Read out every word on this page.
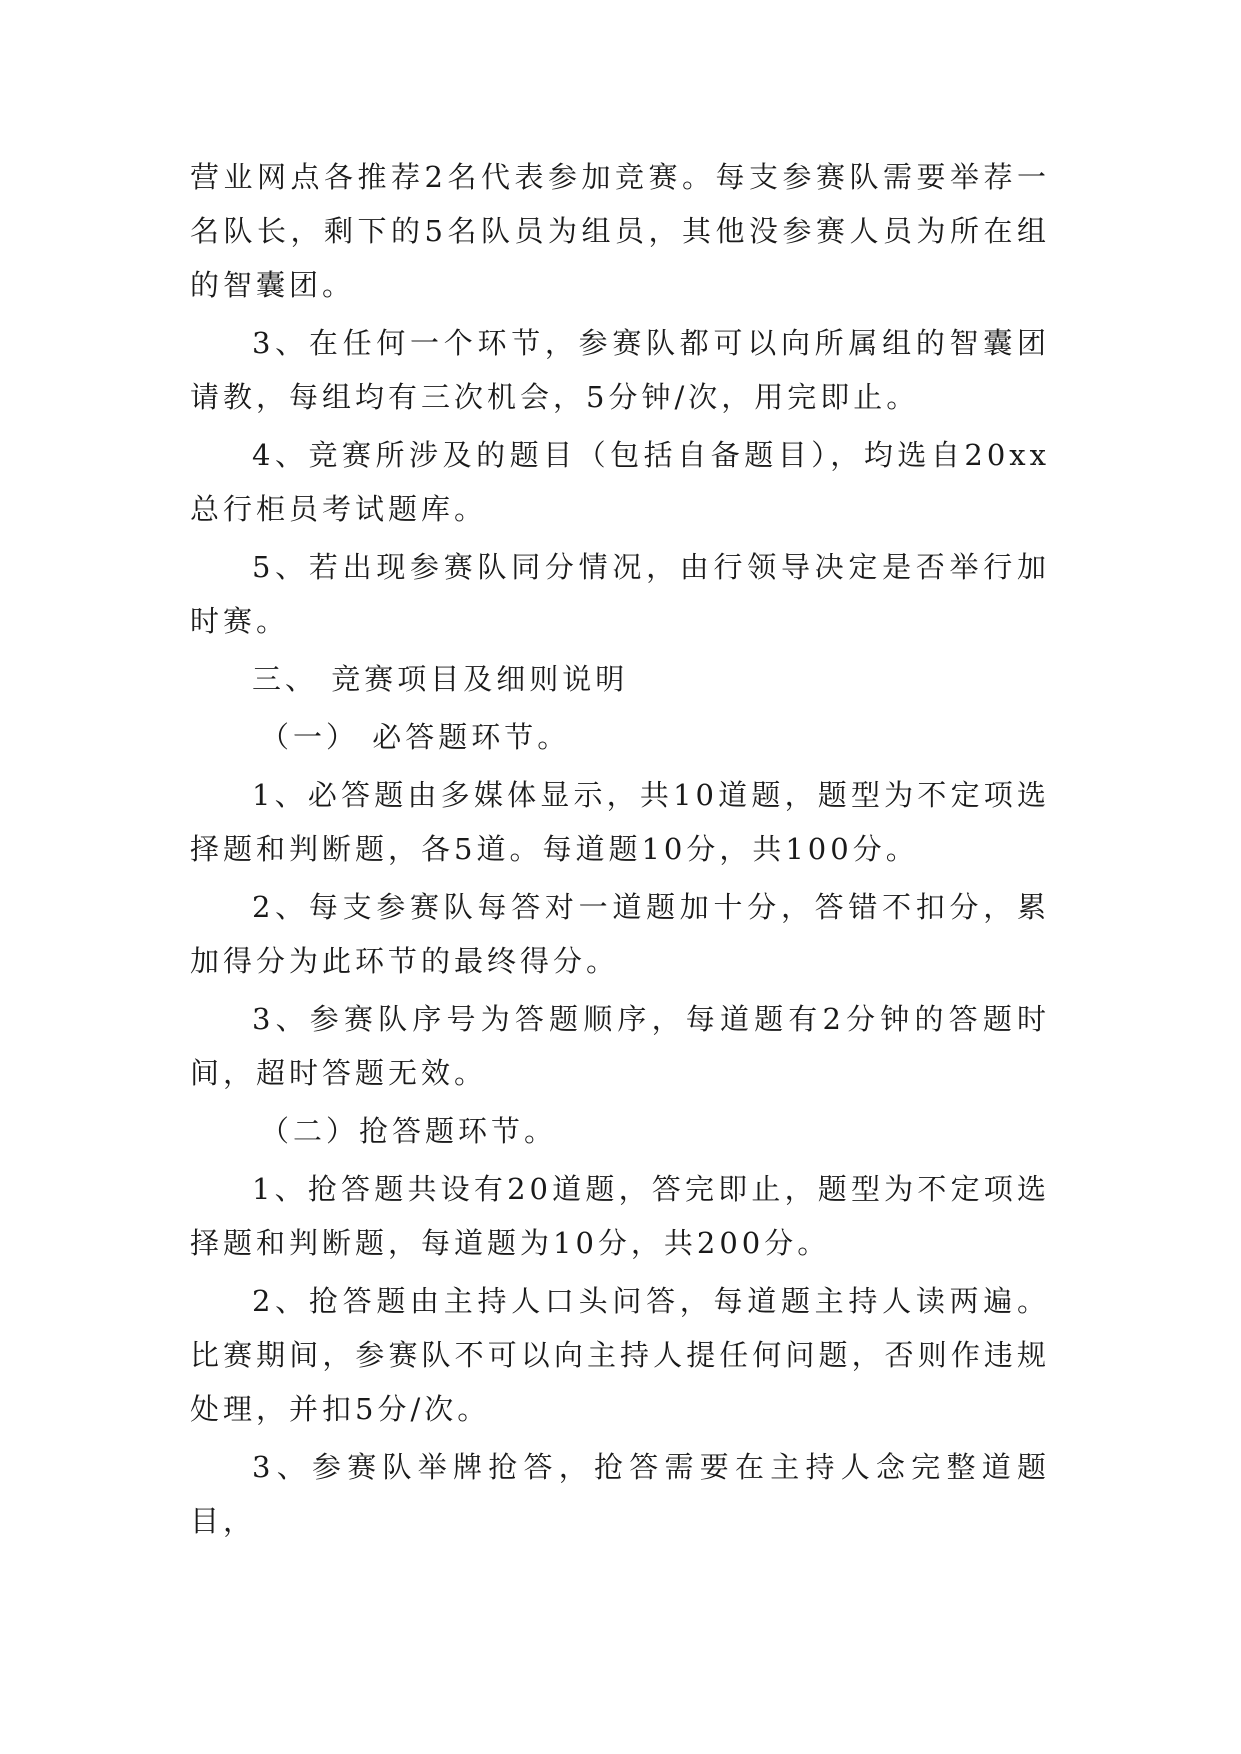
营业网点各推荐2名代表参加竞赛。每支参赛队需要举荐一名队长，剩下的5名队员为组员，其他没参赛人员为所在组的智囊团。

3、在任何一个环节，参赛队都可以向所属组的智囊团请教，每组均有三次机会，5分钟/次，用完即止。

4、竞赛所涉及的题目（包括自备题目），均选自20xx总行柜员考试题库。

5、若出现参赛队同分情况，由行领导决定是否举行加时赛。

三、 竞赛项目及细则说明

（一） 必答题环节。

1、必答题由多媒体显示，共10道题，题型为不定项选择题和判断题，各5道。每道题10分，共100分。

2、每支参赛队每答对一道题加十分，答错不扣分，累加得分为此环节的最终得分。

3、参赛队序号为答题顺序，每道题有2分钟的答题时间，超时答题无效。

（二）抢答题环节。

1、抢答题共设有20道题，答完即止，题型为不定项选择题和判断题，每道题为10分，共200分。

2、抢答题由主持人口头问答，每道题主持人读两遍。比赛期间，参赛队不可以向主持人提任何问题，否则作违规处理，并扣5分/次。

3、参赛队举牌抢答，抢答需要在主持人念完整道题目，
